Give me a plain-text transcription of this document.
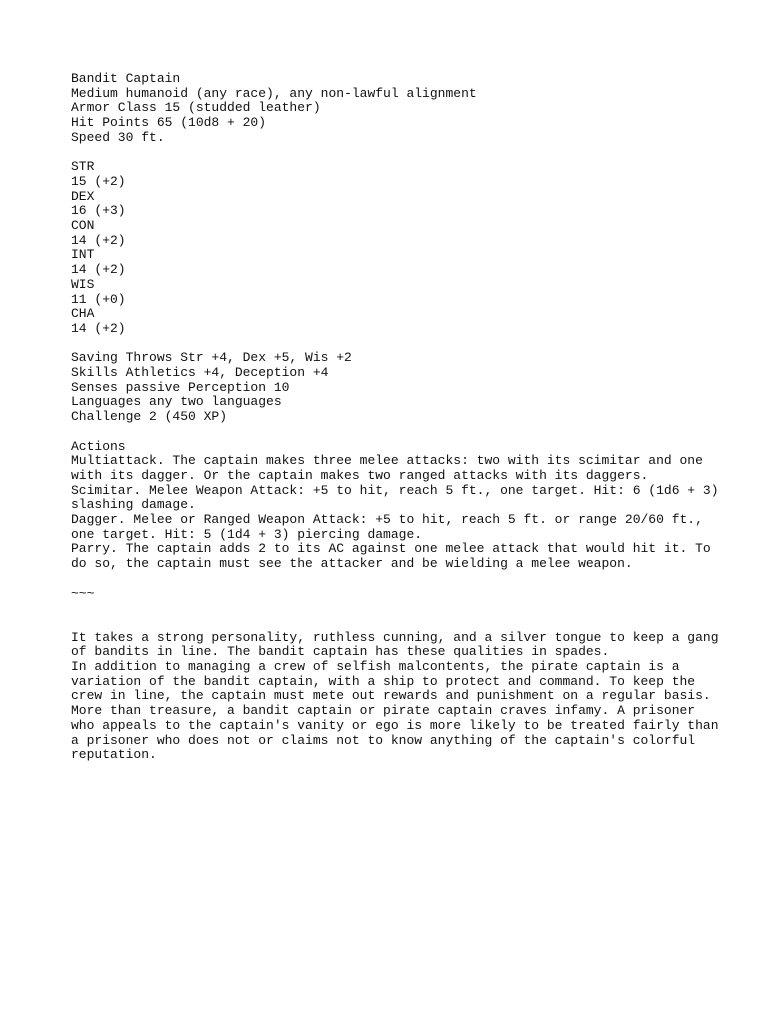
Bandit Captain
Medium humanoid (any race), any non-lawful alignment
Armor Class 15 (studded leather)
Hit Points 65 (10d8 + 20)
Speed 30 ft.
STR
15 (+2)
DEX
16 (+3)
CON
14 (+2)
INT
14 (+2)
WIS
11 (+0)
CHA
14 (+2)
Saving Throws Str +4, Dex +5, Wis +2
Skills Athletics +4, Deception +4
Senses passive Perception 10
Languages any two languages
Challenge 2 (450 XP)
Actions
Multiattack. The captain makes three melee attacks: two with its scimitar and one
with its dagger. Or the captain makes two ranged attacks with its daggers.
Scimitar. Melee Weapon Attack: +5 to hit, reach 5 ft., one target. Hit: 6 (1d6 + 3)
slashing damage.
Dagger. Melee or Ranged Weapon Attack: +5 to hit, reach 5 ft. or range 20/60 ft.,
one target. Hit: 5 (1d4 + 3) piercing damage.
Parry. The captain adds 2 to its AC against one melee attack that would hit it. To
do so, the captain must see the attacker and be wielding a melee weapon.
~~~
It takes a strong personality, ruthless cunning, and a silver tongue to keep a gang
of bandits in line. The bandit captain has these qualities in spades.
In addition to managing a crew of selfish malcontents, the pirate captain is a
variation of the bandit captain, with a ship to protect and command. To keep the
crew in line, the captain must mete out rewards and punishment on a regular basis.
More than treasure, a bandit captain or pirate captain craves infamy. A prisoner
who appeals to the captain's vanity or ego is more likely to be treated fairly than
a prisoner who does not or claims not to know anything of the captain's colorful
reputation.
